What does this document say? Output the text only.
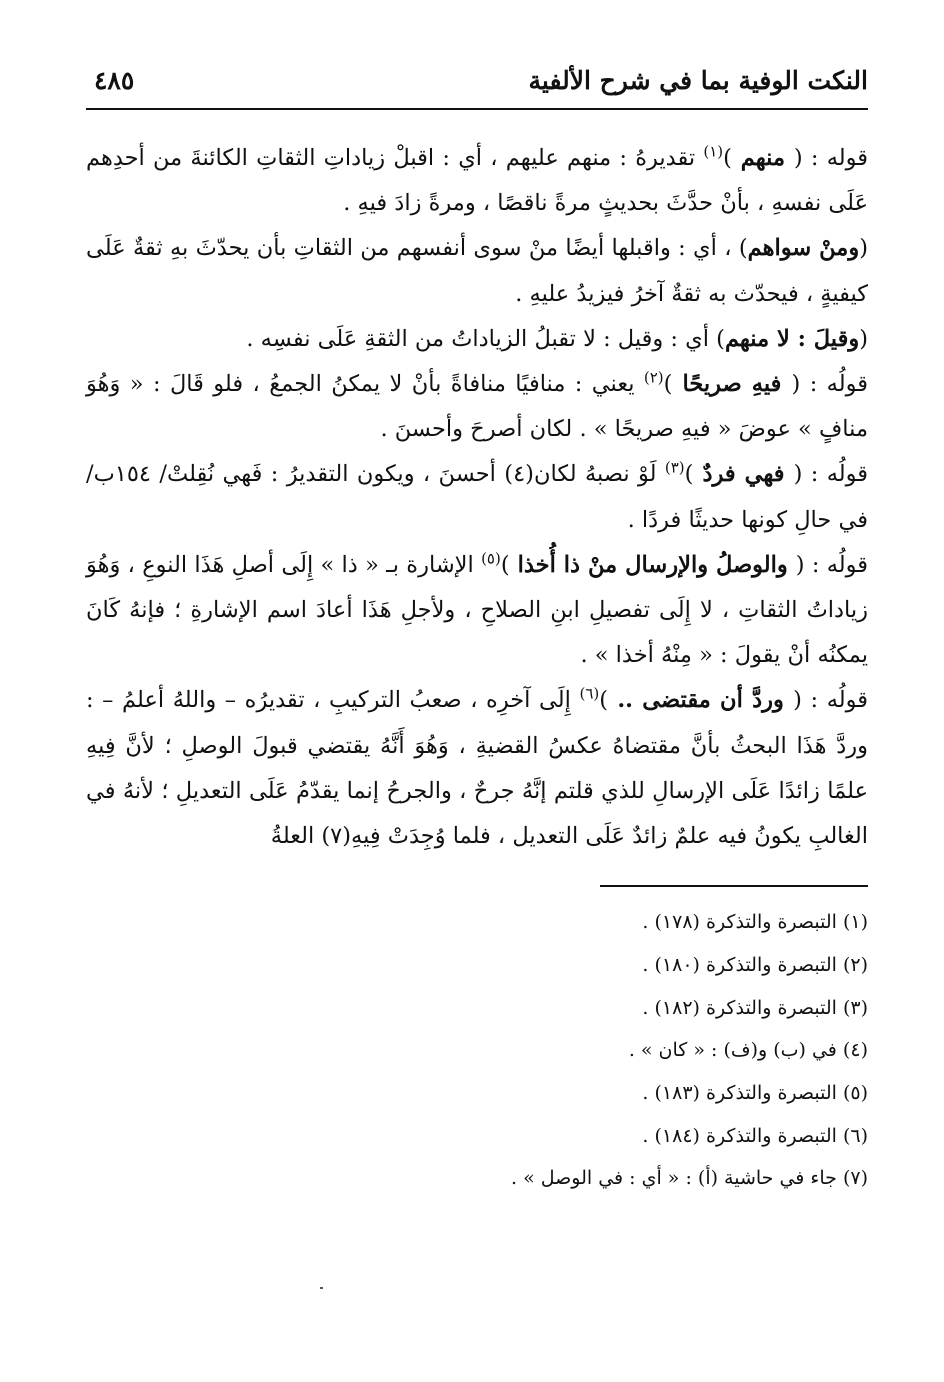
النكت الوفية بما في شرح الألفية
٤٨٥

قوله : ( منهم )$^{(١)}$ تقديرهُ : منهم عليهم ، أي : اقبلْ زياداتِ الثقاتِ الكائنةَ من أحدِهم عَلَى نفسهِ ، بأنْ حدَّثَ بحديثٍ مرةً ناقصًا ، ومرةً زادَ فيهِ .

(ومنْ سواهم) ، أي : واقبلها أيضًا منْ سوى أنفسهم من الثقاتِ بأن يحدّثَ بهِ ثقةٌ عَلَى كيفيةٍ ، فيحدّث به ثقةٌ آخرُ فيزيدُ عليهِ .

(وقيلَ : لا منهم) أي : وقيل : لا تقبلُ الزياداتُ من الثقةِ عَلَى نفسِه .

قولُه : ( فيهِ صريحًا )$^{(٢)}$ يعني : منافيًا منافاةً بأنْ لا يمكنُ الجمعُ ، فلو قَالَ : « وَهُوَ منافٍ » عوضَ « فيهِ صريحًا » . لكان أصرحَ وأحسنَ .

قولُه : ( فهي فردٌ )$^{(٣)}$ لَوْ نصبهُ لكان(٤) أحسنَ ، ويكون التقديرُ : فَهي نُقِلتْ/ ١٥٤ب/ في حالِ كونها حديثًا فردًا .

قولُه : ( والوصلُ والإرسال منْ ذا أُخذا )$^{(٥)}$ الإشارة بـ « ذا » إِلَى أصلِ هَذَا النوعِ ، وَهُوَ زياداتُ الثقاتِ ، لا إِلَى تفصيلِ ابنِ الصلاحِ ، ولأجلِ هَذَا أعادَ اسم الإشارةِ ؛ فإنهُ كَانَ يمكنُه أنْ يقولَ : « مِنْهُ أخذا » .

قولُه : ( وردَّ أن مقتضى .. )$^{(٦)}$ إِلَى آخرِه ، صعبُ التركيبِ ، تقديرُه – واللهُ أعلمُ – : وردَّ هَذَا البحثُ بأنَّ مقتضاهُ عكسُ القضيةِ ، وَهُوَ أَنَّهُ يقتضي قبولَ الوصلِ ؛ لأنَّ فِيهِ علمًا زائدًا عَلَى الإرسالِ للذي قلتم إنَّهُ جرحٌ ، والجرحُ إنما يقدّمُ عَلَى التعديلِ ؛ لأنهُ في الغالبِ يكونُ فيه علمٌ زائدٌ عَلَى التعديل ، فلما وُجِدَتْ فِيهِ(٧) العلةُ

(١) التبصرة والتذكرة (١٧٨) .
(٢) التبصرة والتذكرة (١٨٠) .
(٣) التبصرة والتذكرة (١٨٢) .
(٤) في (ب) و(ف) : « كان » .
(٥) التبصرة والتذكرة (١٨٣) .
(٦) التبصرة والتذكرة (١٨٤) .
(٧) جاء في حاشية (أ) : « أي : في الوصل » .
